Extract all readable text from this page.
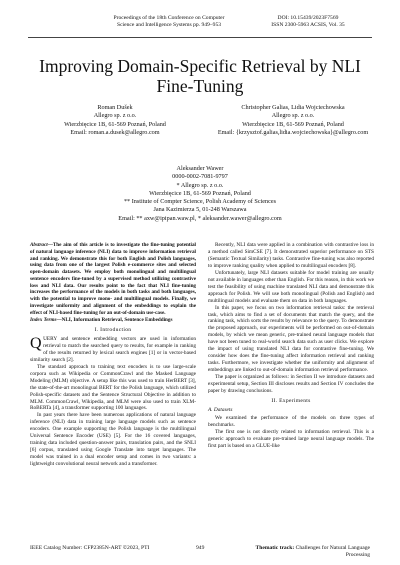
Proceedings of the 18th Conference on Computer
Science and Intelligence Systems pp. 949–953
DOI: 10.15439/2023F7569
ISSN 2300-5963 ACSIS, Vol. 35
Improving Domain-Specific Retrieval by NLI
Fine-Tuning
Roman Dušek
Allegro sp. z o.o.
Wierzbięcice 1B, 61-569 Poznań, Poland
Email: roman.a.dusek@allegro.com
Christopher Galias, Lidia Wojciechowska
Allegro sp. z o.o.
Wierzbięcice 1B, 61-569 Poznań, Poland
Email: {krzysztof.galias,lidia.wojciechowska}@allegro.com
Aleksander Wawer
0000-0002-7081-9797
* Allegro sp. z o.o.
Wierzbięcice 1B, 61-569 Poznań, Poland
** Institute of Compter Science, Polish Academy of Sciences
Jana Kazimierza 5, 01-248 Warszawa
Email: ** axw@ipipan.waw.pl, * aleksander.wawer@allegro.com

Abstract—The aim of this article is to investigate the fine-tuning potential of natural language inference (NLI) data to improve information retrieval and ranking. We demonstrate this for both English and Polish languages, using data from one of the largest Polish e-commerce sites and selected open-domain datasets. We employ both monolingual and multilingual sentence encoders fine-tuned by a supervised method utilizing contrastive loss and NLI data. Our results point to the fact that NLI fine-tuning increases the performance of the models in both tasks and both languages, with the potential to improve mono- and multilingual models. Finally, we investigate uniformity and alignment of the embeddings to explain the effect of NLI-based fine-tuning for an out-of-domain use-case.

Index Terms—NLI, Information Retrieval, Sentence Embeddings

I. Introduction

QUERY and sentence embedding vectors are used in information retrieval to match the searched query to results, for example in ranking of the results returned by lexical search engines [1] or in vector-based similarity search [2].

The standard approach to training text encoders is to use large-scale corpora such as Wikipedia or CommonCrawl and the Masked Language Modeling (MLM) objective. A setup like this was used to train HerBERT [3], the state-of-the-art monolingual BERT for the Polish language, which utilized Polish-specific datasets and the Sentence Structural Objective in addition to MLM. CommonCrawl, Wikipedia, and MLM were also used to train XLM-RoBERTa [4], a transformer supporting 100 languages.

In past years there have been numerous applications of natural language inference (NLI) data in training large language models such as sentence encoders. One example supporting the Polish language is the multilingual Universal Sentence Encoder (USE) [5]. For the 16 covered languages, training data included question-answer pairs, translation pairs, and the SNLI [6] corpus, translated using Google Translate into target languages. The model was trained in a dual encoder setup and comes in two variants: a lightweight convolutional neural network and a transformer.

Recently, NLI data were applied in a combination with contrastive loss in a method called SimCSE [7]. It demonstrated superior performance on STS (Semantic Textual Similarity) tasks. Contrastive fine-tuning was also reported to improve ranking quality when applied to multilingual encoders [8].

Unfortunately, large NLI datasets suitable for model training are usually not available in languages other than English. For this reason, in this work we test the feasibility of using machine translated NLI data and demonstrate this approach for Polish. We will use both monolingual (Polish and English) and multilingual models and evaluate them on data in both languages.

In this paper, we focus on two information retrieval tasks: the retrieval task, which aims to find a set of documents that match the query, and the ranking task, which sorts the results by relevance to the query. To demonstrate the proposed approach, our experiments will be performed on out-of-domain models, by which we mean generic, pre-trained neural language models that have not been tuned to real-world search data such as user clicks. We explore the impact of using translated NLI data for contrastive fine-tuning. We consider how does the fine-tuning affect information retrieval and ranking tasks. Furthermore, we investigate whether the uniformity and alignment of embeddings are linked to out-of-domain information retrieval performance.

The paper is organized as follows: in Section II we introduce datasets and experimental setup, Section III discloses results and Section IV concludes the paper by drawing conclusions.

II. Experiments
A. Datasets

We examined the performance of the models on three types of benchmarks.

The first one is not directly related to information retrieval. This is a generic approach to evaluate pre-trained large neural language models. The first part is based on a GLUE-like

IEEE Catalog Number: CFP2385N-ART ©2023, PTI	949	Thematic track: Challenges for Natural Language
Processing
